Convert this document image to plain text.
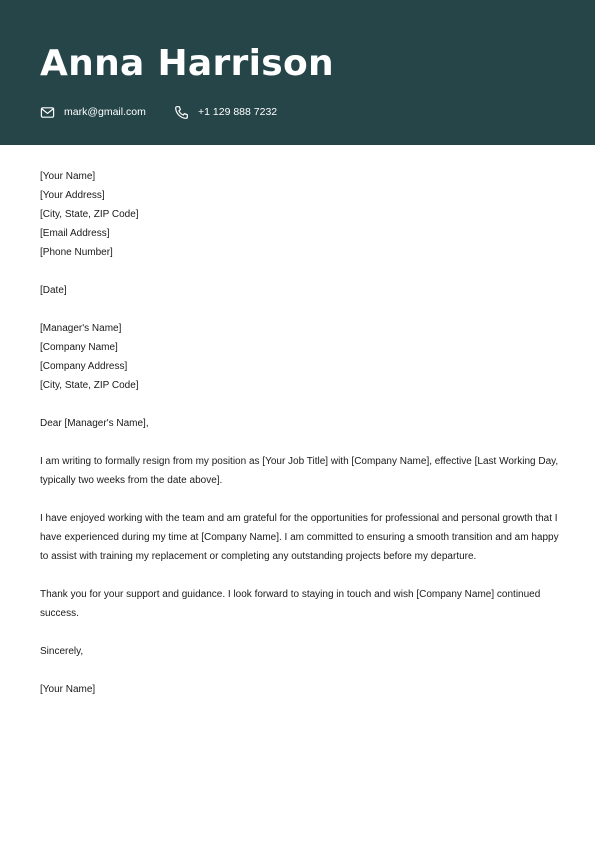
Anna Harrison
mark@gmail.com	+1 129 888 7232
[Your Name]
[Your Address]
[City, State, ZIP Code]
[Email Address]
[Phone Number]
[Date]
[Manager's Name]
[Company Name]
[Company Address]
[City, State, ZIP Code]
Dear [Manager's Name],

I am writing to formally resign from my position as [Your Job Title] with [Company Name], effective [Last Working Day, typically two weeks from the date above].

I have enjoyed working with the team and am grateful for the opportunities for professional and personal growth that I have experienced during my time at [Company Name]. I am committed to ensuring a smooth transition and am happy to assist with training my replacement or completing any outstanding projects before my departure.

Thank you for your support and guidance. I look forward to staying in touch and wish [Company Name] continued success.

Sincerely,
[Your Name]
